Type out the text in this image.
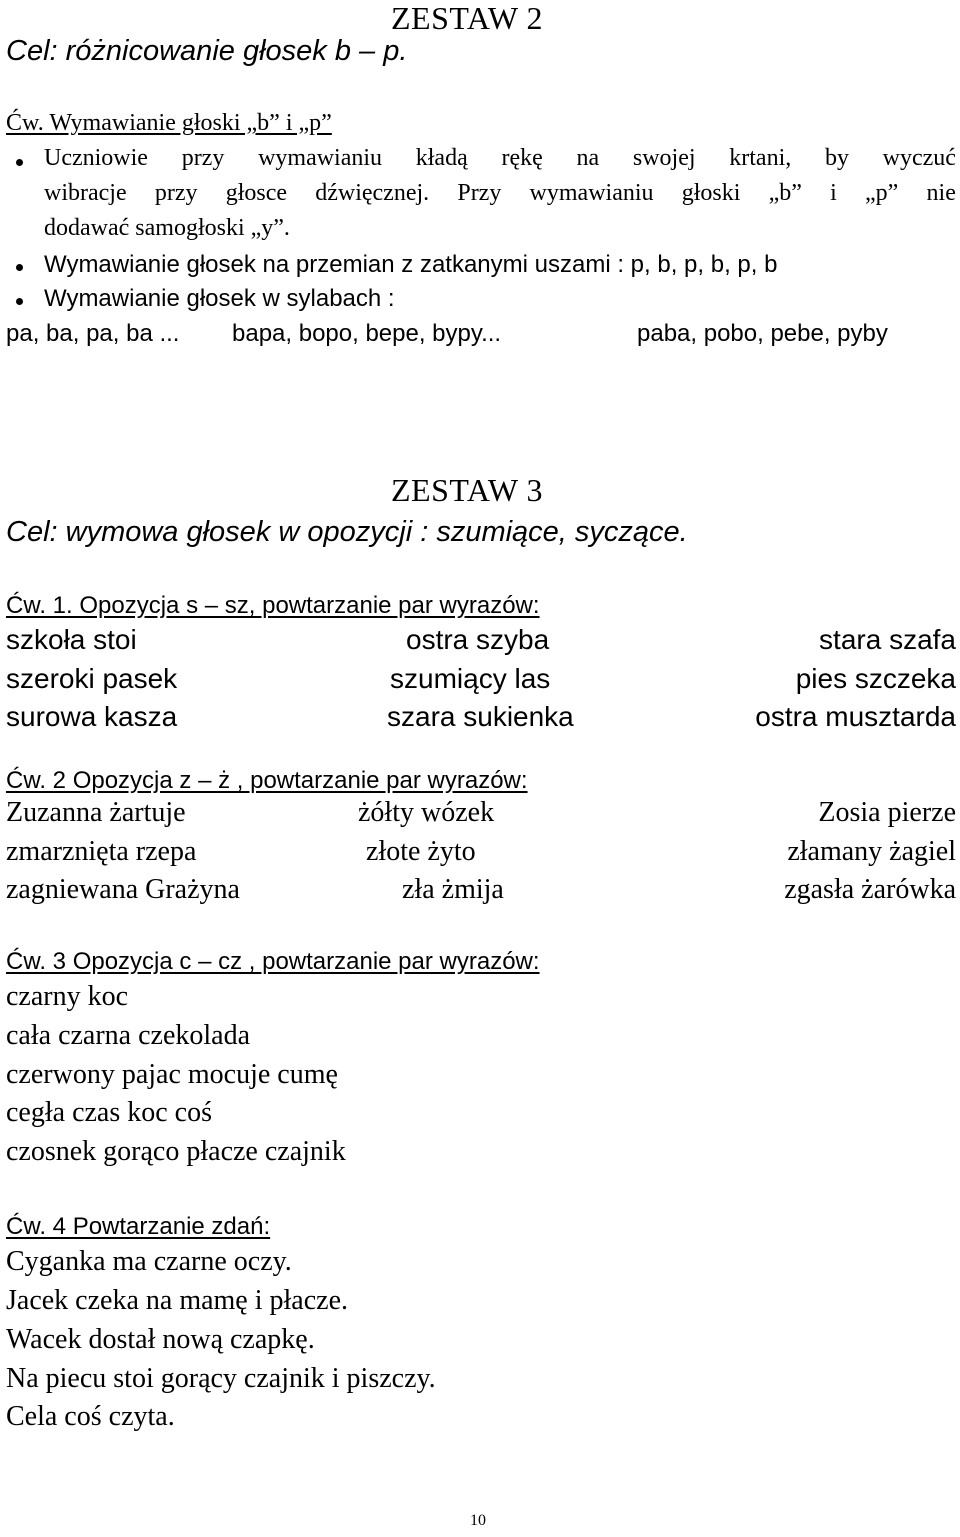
ZESTAW 2
Cel: różnicowanie głosek b – p.
Ćw. Wymawianie głoski „b” i „p”
Uczniowie przy wymawianiu kładą rękę na swojej krtani, by wyczuć
wibracje przy głosce dźwięcznej. Przy wymawianiu głoski „b” i „p” nie
dodawać samogłoski „y”.
Wymawianie głosek na przemian z zatkanymi uszami : p, b, p, b, p, b
Wymawianie głosek w sylabach :
pa, ba, pa, ba ... bapa, bopo, bepe, bypy...	paba, pobo, pebe, pyby
ZESTAW 3
Cel: wymowa głosek w opozycji : szumiące, syczące.
Ćw. 1. Opozycja s – sz, powtarzanie par wyrazów:
szkoła stoi	ostra szyba	stara szafa
szeroki pasek	szumiący las	pies szczeka
surowa kasza	szara sukienka	ostra musztarda
Ćw. 2 Opozycja z – ż , powtarzanie par wyrazów:
Zuzanna żartuje	żółty wózek	Zosia pierze
zmarznięta rzepa	złote żyto	złamany żagiel
zagniewana Grażyna	zła żmija	zgasła żarówka
Ćw. 3 Opozycja c – cz , powtarzanie par wyrazów:
czarny koc
cała czarna czekolada
czerwony pajac mocuje cumę
cegła czas koc coś
czosnek gorąco płacze czajnik
Ćw. 4 Powtarzanie zdań:
Cyganka ma czarne oczy.
Jacek czeka na mamę i płacze.
Wacek dostał nową czapkę.
Na piecu stoi gorący czajnik i piszczy.
Cela coś czyta.
10
